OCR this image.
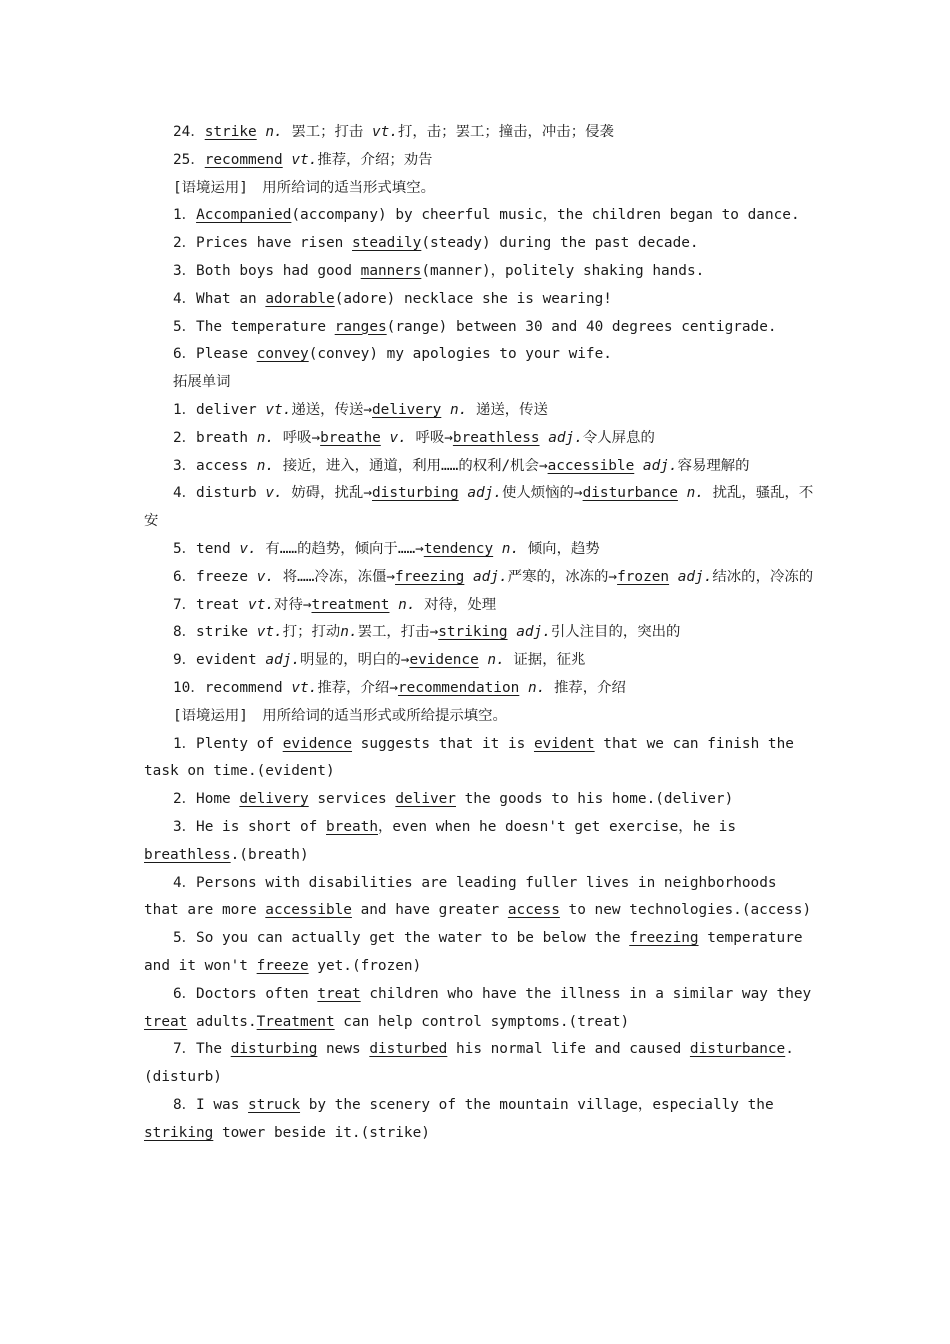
24．strike n. 罢工；打击 vt.打，击；罢工；撞击，冲击；侵袭

25．recommend vt.推荐，介绍；劝告

[语境运用]　用所给词的适当形式填空。

1．Accompanied(accompany) by cheerful music，the children began to dance.

2．Prices have risen steadily(steady) during the past decade.

3．Both boys had good manners(manner)，politely shaking hands.

4．What an adorable(adore) necklace she is wearing!

5．The temperature ranges(range) between 30 and 40 degrees centigrade.

6．Please convey(convey) my apologies to your wife.

拓展单词

1．deliver vt.递送，传送→delivery n. 递送，传送

2．breath n. 呼吸→breathe v. 呼吸→breathless adj.令人屏息的

3．access n. 接近，进入，通道，利用……的权利/机会→accessible adj.容易理解的

4．disturb v. 妨碍，扰乱→disturbing adj.使人烦恼的→disturbance n. 扰乱，骚乱，不安

5．tend v. 有……的趋势，倾向于……→tendency n. 倾向，趋势

6．freeze v. 将……冷冻，冻僵→freezing adj.严寒的，冰冻的→frozen adj.结冰的，冷冻的

7．treat vt.对待→treatment n. 对待，处理

8．strike vt.打；打动n.罢工，打击→striking adj.引人注目的，突出的

9．evident adj.明显的，明白的→evidence n. 证据，征兆

10．recommend vt.推荐，介绍→recommendation n. 推荐，介绍

[语境运用]　用所给词的适当形式或所给提示填空。

1．Plenty of evidence suggests that it is evident that we can finish the task on time.(evident)

2．Home delivery services deliver the goods to his home.(deliver)

3．He is short of breath，even when he doesn't get exercise，he is breathless.(breath)

4．Persons with disabilities are leading fuller lives in neighborhoods that are more accessible and have greater access to new technologies.(access)

5．So you can actually get the water to be below the freezing temperature and it won't freeze yet.(frozen)

6．Doctors often treat children who have the illness in a similar way they treat adults.Treatment can help control symptoms.(treat)

7．The disturbing news disturbed his normal life and caused disturbance.(disturb)

8．I was struck by the scenery of the mountain village，especially the striking tower beside it.(strike)
